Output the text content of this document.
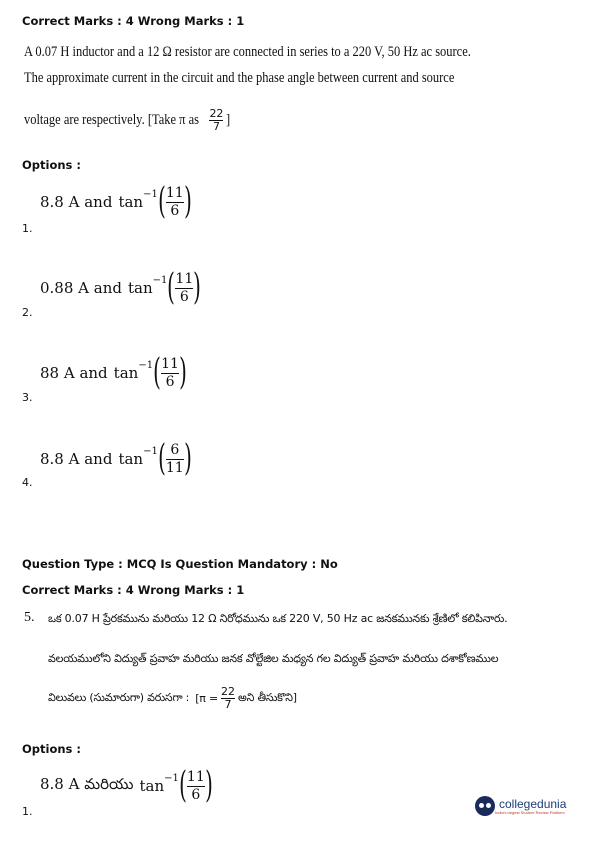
Correct Marks : 4 Wrong Marks : 1
A 0.07 H inductor and a 12 Ω resistor are connected in series to a 220 V, 50 Hz ac source.
The approximate current in the circuit and the phase angle between current and source
voltage are respectively. [Take π as 22
7 ]
Options :
8.8 A and $\tan^{-1}$ ( $\frac{11}{6}$ )
1.
0.88 A and $\tan^{-1}$ ( $\frac{11}{6}$ )
2.
88 A and $\tan^{-1}$ ( $\frac{11}{6}$ )
3.
8.8 A and $\tan^{-1}$ ( $\frac{6}{11}$ )
4.
Question Type : MCQ Is Question Mandatory : No
Correct Marks : 4 Wrong Marks : 1
5. ఒక 0.07 H ప్రేరకమును మరియు 12 Ω నిరోధమును ఒక 220 V, 50 Hz ac జనకమునకు శ్రేణిలో కలిపినారు.
వలయములోని విద్యుత్ ప్రవాహ మరియు జనక వోల్టేజిల మధ్యన గల విద్యుత్ ప్రవాహ మరియు దశాకోణముల
విలువలు (సుమారుగా) వరుసగా : [π =
22
7
అని తీసుకొని]
Options :
8.8 A మరియు $\tan^{-1}$ ( $\frac{11}{6}$ )
1.
collegedunia
India's largest Student Review Platform
